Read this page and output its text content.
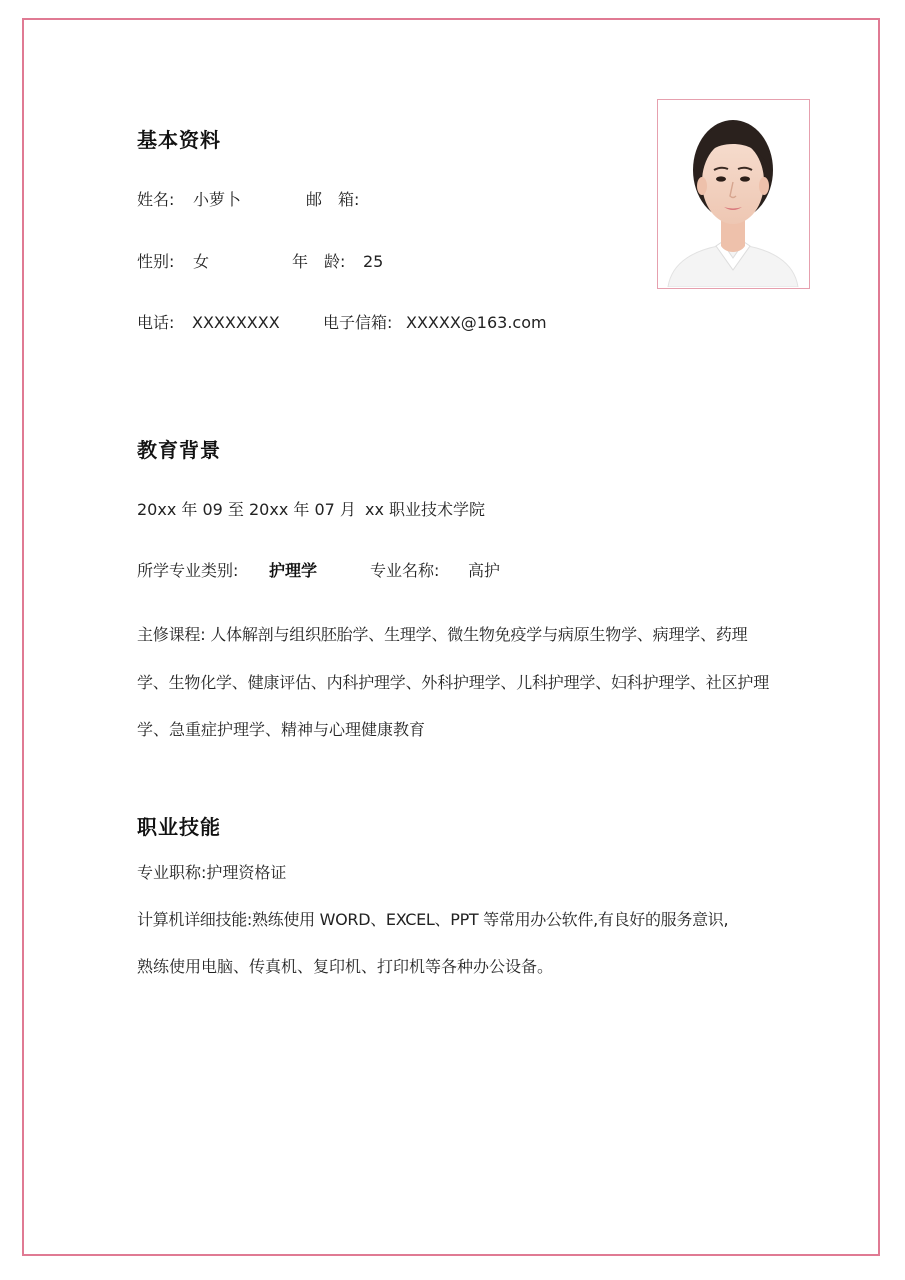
基本资料
姓名: 小萝卜	邮　箱:
性别: 女	年　龄: 25
电话: XXXXXXXX	电子信箱: XXXXX@163.com
教育背景
20xx 年 09 至 20xx 年 07 月 xx 职业技术学院
所学专业类别: 护理学	专业名称: 高护
主修课程: 人体解剖与组织胚胎学、生理学、微生物免疫学与病原生物学、病理学、药理
学、生物化学、健康评估、内科护理学、外科护理学、儿科护理学、妇科护理学、社区护理
学、急重症护理学、精神与心理健康教育
职业技能
专业职称:护理资格证
计算机详细技能:熟练使用 WORD、EXCEL、PPT 等常用办公软件,有良好的服务意识,
熟练使用电脑、传真机、复印机、打印机等各种办公设备。
